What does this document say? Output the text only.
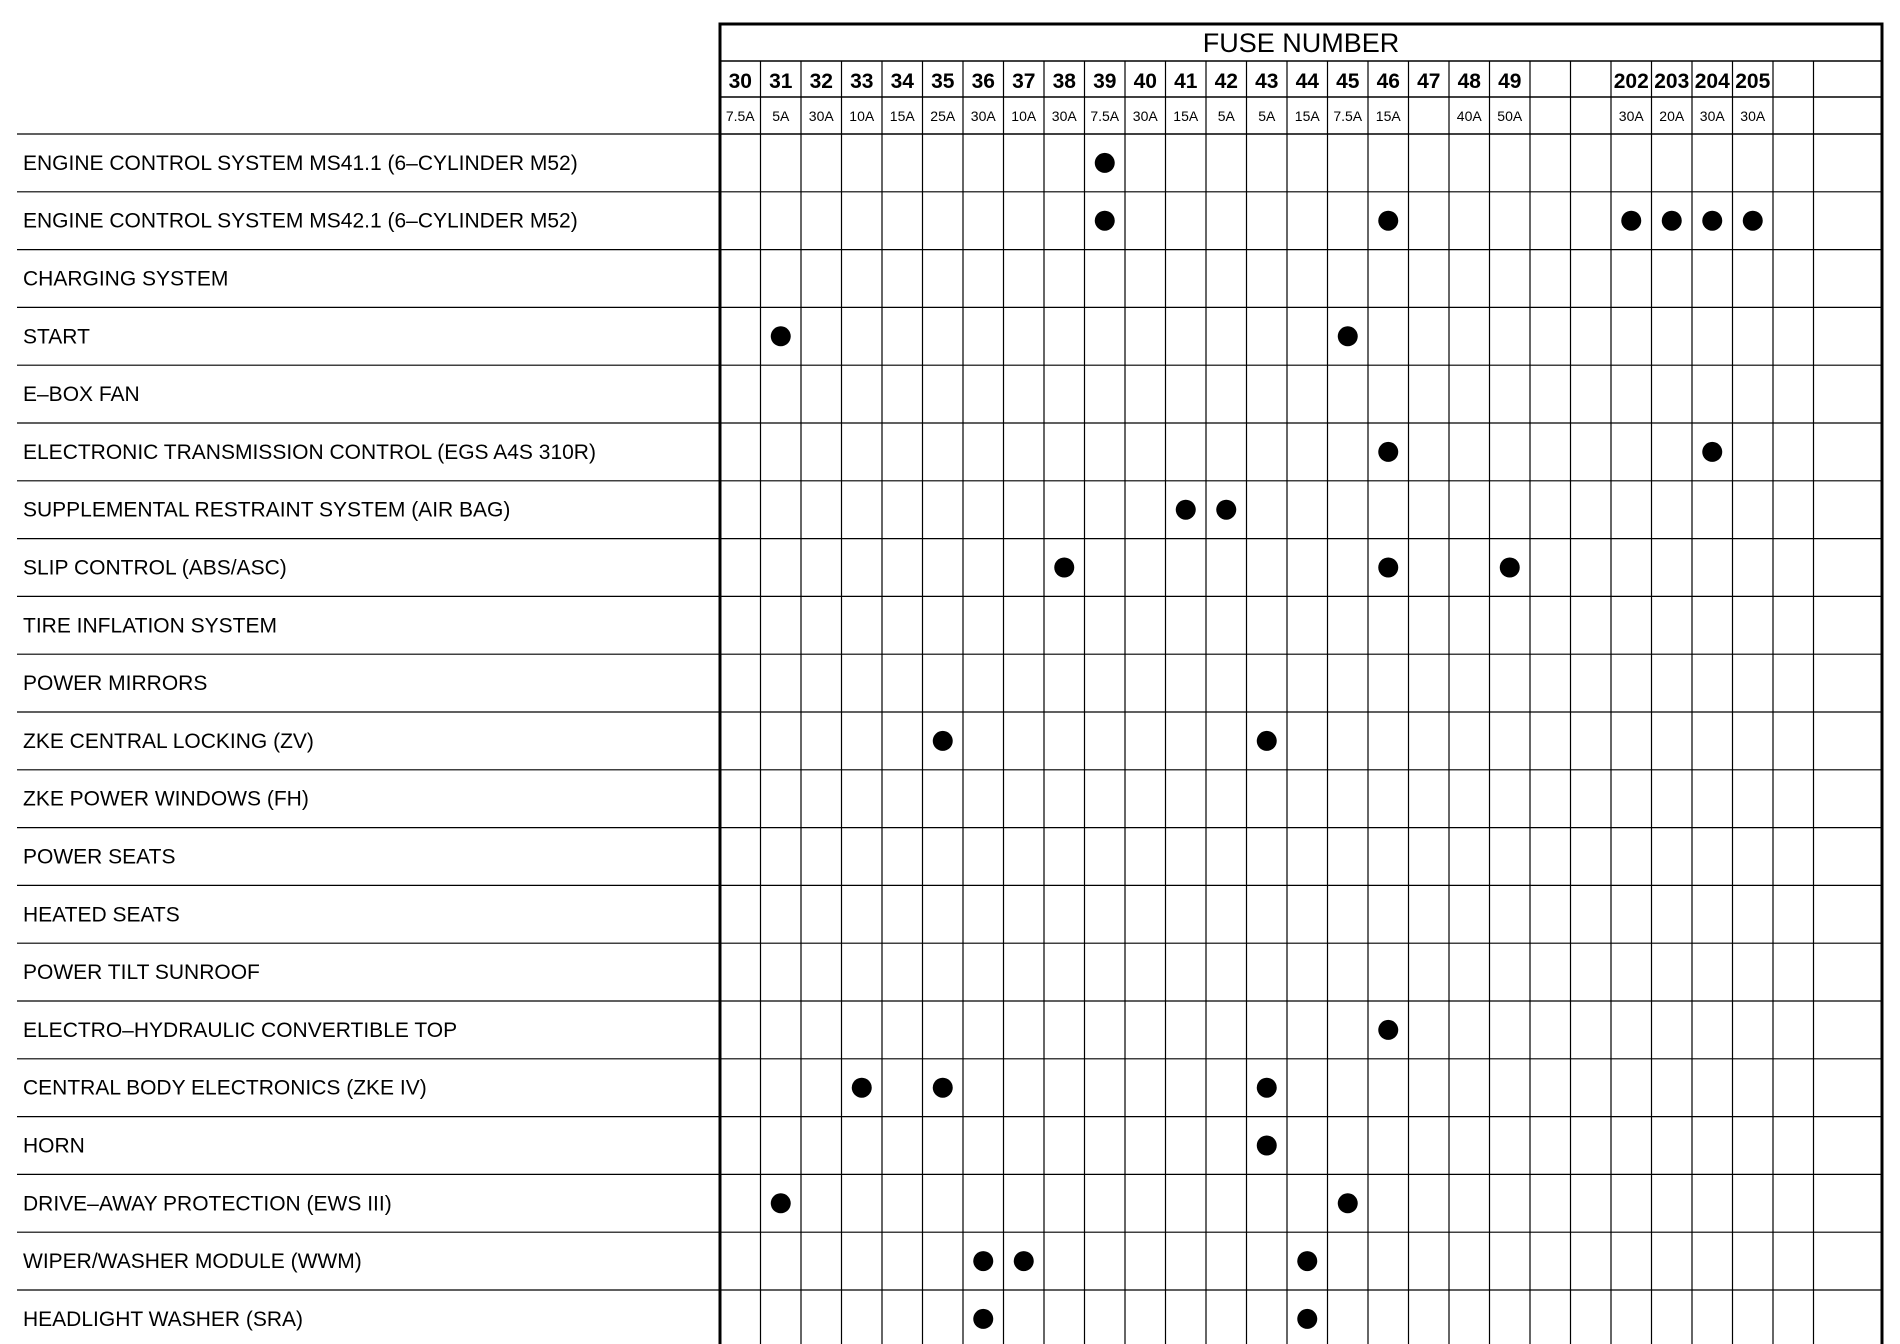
FUSE NUMBER
30
7.5A
31
5A
32
30A
33
10A
34
15A
35
25A
36
30A
37
10A
38
30A
39
7.5A
40
30A
41
15A
42
5A
43
5A
44
15A
45
7.5A
46
15A
47 48
40A
49
50A
202
30A
203
20A
204
30A
205
30A
ENGINE CONTROL SYSTEM MS41.1 (6–CYLINDER M52)
ENGINE CONTROL SYSTEM MS42.1 (6–CYLINDER M52)
CHARGING SYSTEM
START
E–BOX FAN
ELECTRONIC TRANSMISSION CONTROL (EGS A4S 310R)
SUPPLEMENTAL RESTRAINT SYSTEM (AIR BAG)
SLIP CONTROL (ABS/ASC)
TIRE INFLATION SYSTEM
POWER MIRRORS
ZKE CENTRAL LOCKING (ZV)
ZKE POWER WINDOWS (FH)
POWER SEATS
HEATED SEATS
POWER TILT SUNROOF
ELECTRO–HYDRAULIC CONVERTIBLE TOP
CENTRAL BODY ELECTRONICS (ZKE IV)
HORN
DRIVE–AWAY PROTECTION (EWS III)
WIPER/WASHER MODULE (WWM)
HEADLIGHT WASHER (SRA)
